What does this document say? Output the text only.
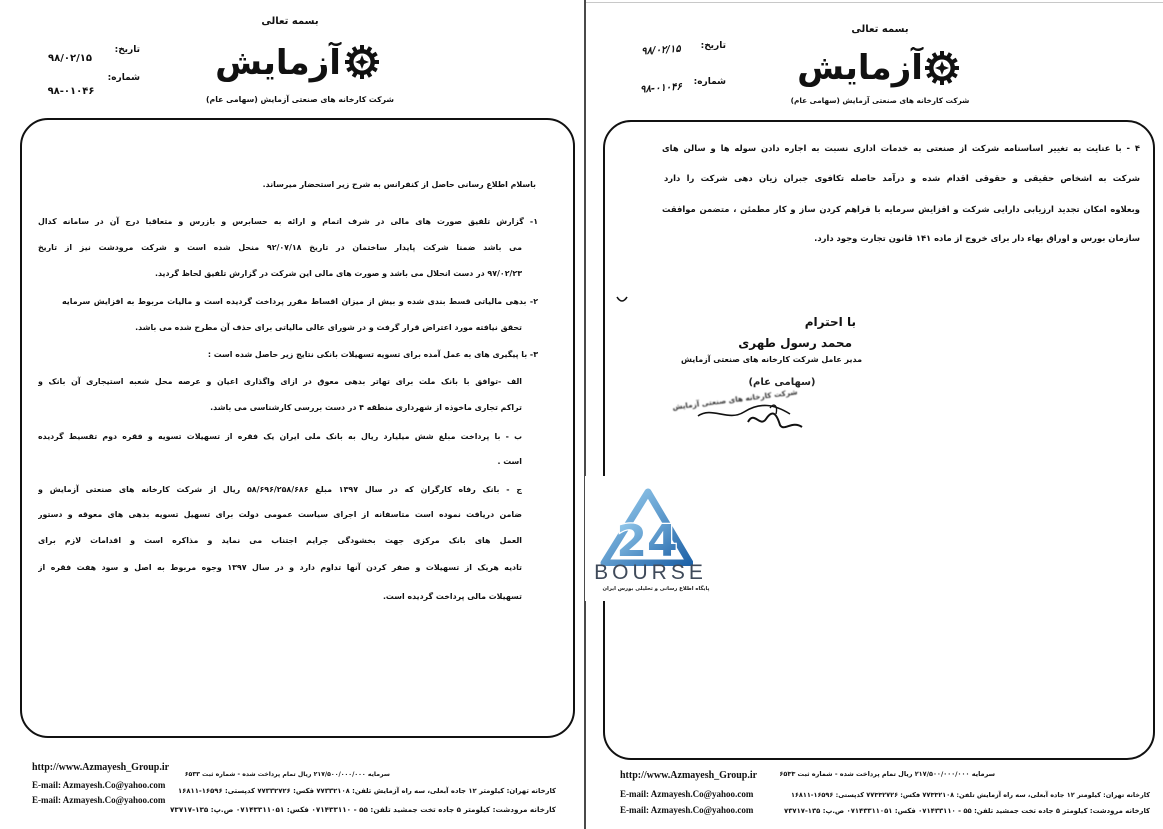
بسمه تعالی
آزمایش
شرکت کارخانه های صنعتی آزمایش (سهامی عام)
تاریخ:
۹۸/۰۲/۱۵
شماره:
۹۸-۰۱۰۴۶
باسلام اطلاع رسانی حاصل از کنفرانس به شرح زیر استحضار میرساند.
۱- گزارش تلفیق صورت های مالی در شرف اتمام و ارائه به حسابرس و بازرس و متعاقبا درج آن در سامانه کدال
می باشد ضمنا شرکت پایدار ساختمان در تاریخ ۹۲/۰۷/۱۸ منحل شده است و شرکت مرودشت نیز از تاریخ
۹۷/۰۲/۲۳ در دست انحلال می باشد و صورت های مالی این شرکت در گزارش تلفیق لحاظ گردید.
۲- بدهی مالیاتی قسط بندی شده و بیش از میزان اقساط مقرر پرداخت گردیده است و مالیات مربوط به افزایش سرمایه
تحقق نیافته مورد اعتراض قرار گرفت و در شورای عالی مالیاتی برای حذف آن مطرح شده می باشد.
۳- با پیگیری های به عمل آمده برای تسویه تسهیلات بانکی نتایج زیر حاصل شده است :
الف -توافق با بانک ملت برای تهاتر بدهی معوق در ازای واگذاری اعیان و عرصه محل شعبه استیجاری آن بانک و
تراکم تجاری ماخوذه از شهرداری منطقه ۴ در دست بررسی کارشناسی می باشد.
ب - با پرداخت مبلغ شش میلیارد ریال به بانک ملی ایران یک فقره از تسهیلات تسویه و فقره دوم تقسیط گردیده
است .
ج - بانک رفاه کارگران که در سال ۱۳۹۷ مبلغ ۵۸/۶۹۶/۲۵۸/۶۸۶ ریال از شرکت کارخانه های صنعتی آزمایش و
ضامن دریافت نموده است متاسفانه از اجرای سیاست عمومی دولت برای تسهیل تسویه بدهی های معوقه و دستور
العمل های بانک مرکزی جهت بخشودگی جرایم اجتناب می نماید و مذاکره است و اقدامات لازم برای
تادیه هریک از تسهیلات و صفر کردن آنها تداوم دارد و در سال ۱۳۹۷ وجوه مربوط به اصل و سود هفت فقره از
تسهیلات مالی پرداخت گردیده است.
http://www.Azmayesh_Group.ir
سرمایه ۲۱۷/۵۰۰/۰۰۰/۰۰۰ ریال تمام پرداخت شده - شماره ثبت ۶۵۳۳
E-mail: Azmayesh.Co@yahoo.com
کارخانه تهران: کیلومتر ۱۲ جاده آبعلی، سه راه آزمایش تلفن: ۷۷۳۳۲۱۰۸ فکس: ۷۷۳۳۲۷۲۶ کدپستی: ۱۶۵۹۶-۱۶۸۱۱
E-mail: Azmayesh.Co@yahoo.com
کارخانه مرودشت: کیلومتر ۵ جاده تخت جمشید تلفن: ۵۵ - ۰۷۱۴۳۳۱۱۰ فکس: ۰۷۱۴۳۳۱۱۰۵۱ ص.پ: ۱۳۵-۷۳۷۱۷
بسمه تعالی
آزمایش
شرکت کارخانه های صنعتی آزمایش (سهامی عام)
تاریخ:
۹۸/۰۲/۱۵
شماره:
۹۸-۰۱۰۴۶
۴ - با عنایت به تغییر اساسنامه شرکت از صنعتی به خدمات اداری نسبت به اجاره دادن سوله ها و سالن های
شرکت به اشخاص حقیقی و حقوقی اقدام شده و درآمد حاصله تکافوی جبران زیان دهی شرکت را دارد
وبعلاوه امکان تجدید ارزیابی دارایی شرکت و افزایش سرمایه با فراهم کردن ساز و کار مطمئن ، متضمن موافقت
سازمان بورس و اوراق بهاء دار برای خروج از ماده ۱۴۱ قانون تجارت وجود دارد.
با احترام
محمد رسول طهری
مدیر عامل شرکت کارخانه های صنعتی آزمایش
(سهامی عام)
شرکت کارخانه های صنعتی آزمایش
http://www.Azmayesh_Group.ir	سرمایه ۲۱۷/۵۰۰/۰۰۰/۰۰۰ ریال تمام پرداخت شده - شماره ثبت ۶۵۳۳
E-mail: Azmayesh.Co@yahoo.com	کارخانه تهران: کیلومتر ۱۲ جاده آبعلی، سه راه آزمایش تلفن: ۷۷۳۳۲۱۰۸ فکس: ۷۷۳۳۲۷۲۶ کدپستی: ۱۶۵۹۶-۱۶۸۱۱
E-mail: Azmayesh.Co@yahoo.com	کارخانه مرودشت: کیلومتر ۵ جاده تخت جمشید تلفن: ۵۵ - ۰۷۱۴۳۳۱۱۰ فکس: ۰۷۱۴۳۳۱۱۰۵۱ ص.پ: ۱۳۵-۷۳۷۱۷
24
BOURSE
پایگاه اطلاع رسانی و تحلیلی بورس ایران
